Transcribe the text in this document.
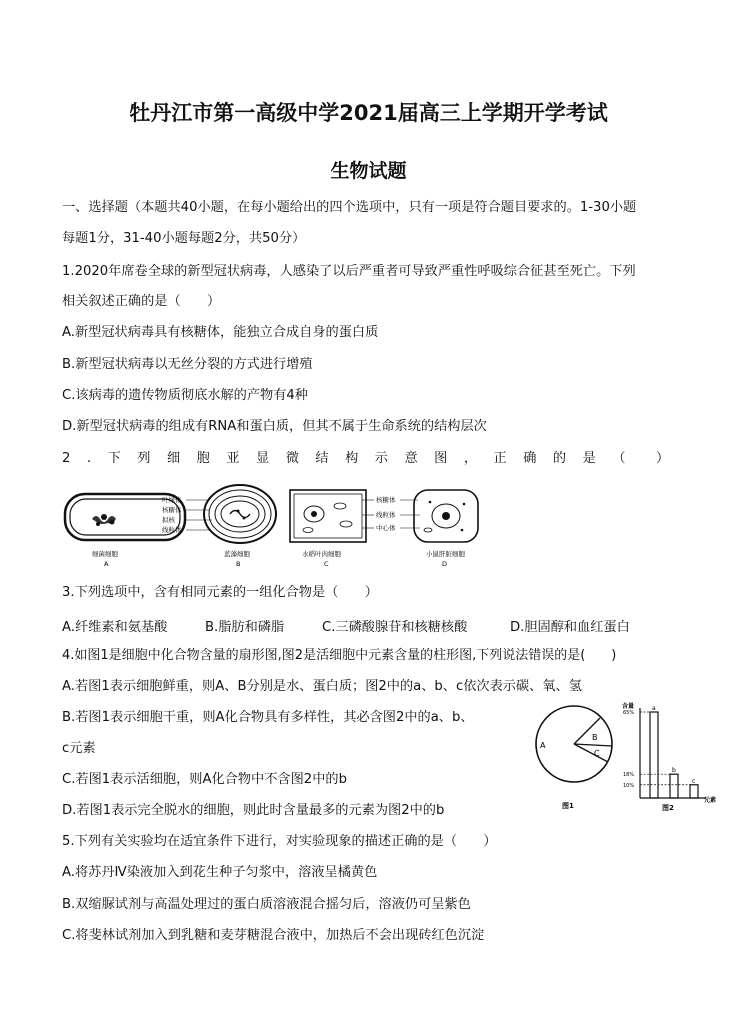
牡丹江市第一高级中学2021届高三上学期开学考试
生物试题
一、选择题（本题共40小题，在每小题给出的四个选项中，只有一项是符合题目要求的。1-30小题
每题1分，31-40小题每题2分，共50分）
1.2020年席卷全球的新型冠状病毒，人感染了以后严重者可导致严重性呼吸综合征甚至死亡。下列
相关叙述正确的是（　　）
A.新型冠状病毒具有核糖体，能独立合成自身的蛋白质
B.新型冠状病毒以无丝分裂的方式进行增殖
C.该病毒的遗传物质彻底水解的产物有4种
D.新型冠状病毒的组成有RNA和蛋白质，但其不属于生命系统的结构层次
2.下列细胞亚显微结构示意图，正确的是（ ）
细菌细胞
A
叶绿体
核糖体
拟核
线粒体
蓝藻细胞
B
水稻叶肉细胞
C
核糖体
线粒体
中心体
小鼠肝脏细胞
D
3.下列选项中，含有相同元素的一组化合物是（　　）
A.纤维素和氨基酸	B.脂肪和磷脂	C.三磷酸腺苷和核糖核酸	D.胆固醇和血红蛋白
4.如图1是细胞中化合物含量的扇形图,图2是活细胞中元素含量的柱形图,下列说法错误的是(　　)
A.若图1表示细胞鲜重，则A、B分别是水、蛋白质；图2中的a、b、c依次表示碳、氧、氢
B.若图1表示细胞干重，则A化合物具有多样性，其必含图2中的a、b、
c元素
C.若图1表示活细胞，则A化合物中不含图2中的b
D.若图1表示完全脱水的细胞，则此时含量最多的元素为图2中的b
A
B
C
图1
含量
元素
图2
a
65%
b
18%
c
10%
5.下列有关实验均在适宜条件下进行，对实验现象的描述正确的是（　　）
A.将苏丹Ⅳ染液加入到花生种子匀浆中，溶液呈橘黄色
B.双缩脲试剂与高温处理过的蛋白质溶液混合摇匀后，溶液仍可呈紫色
C.将斐林试剂加入到乳糖和麦芽糖混合液中，加热后不会出现砖红色沉淀
